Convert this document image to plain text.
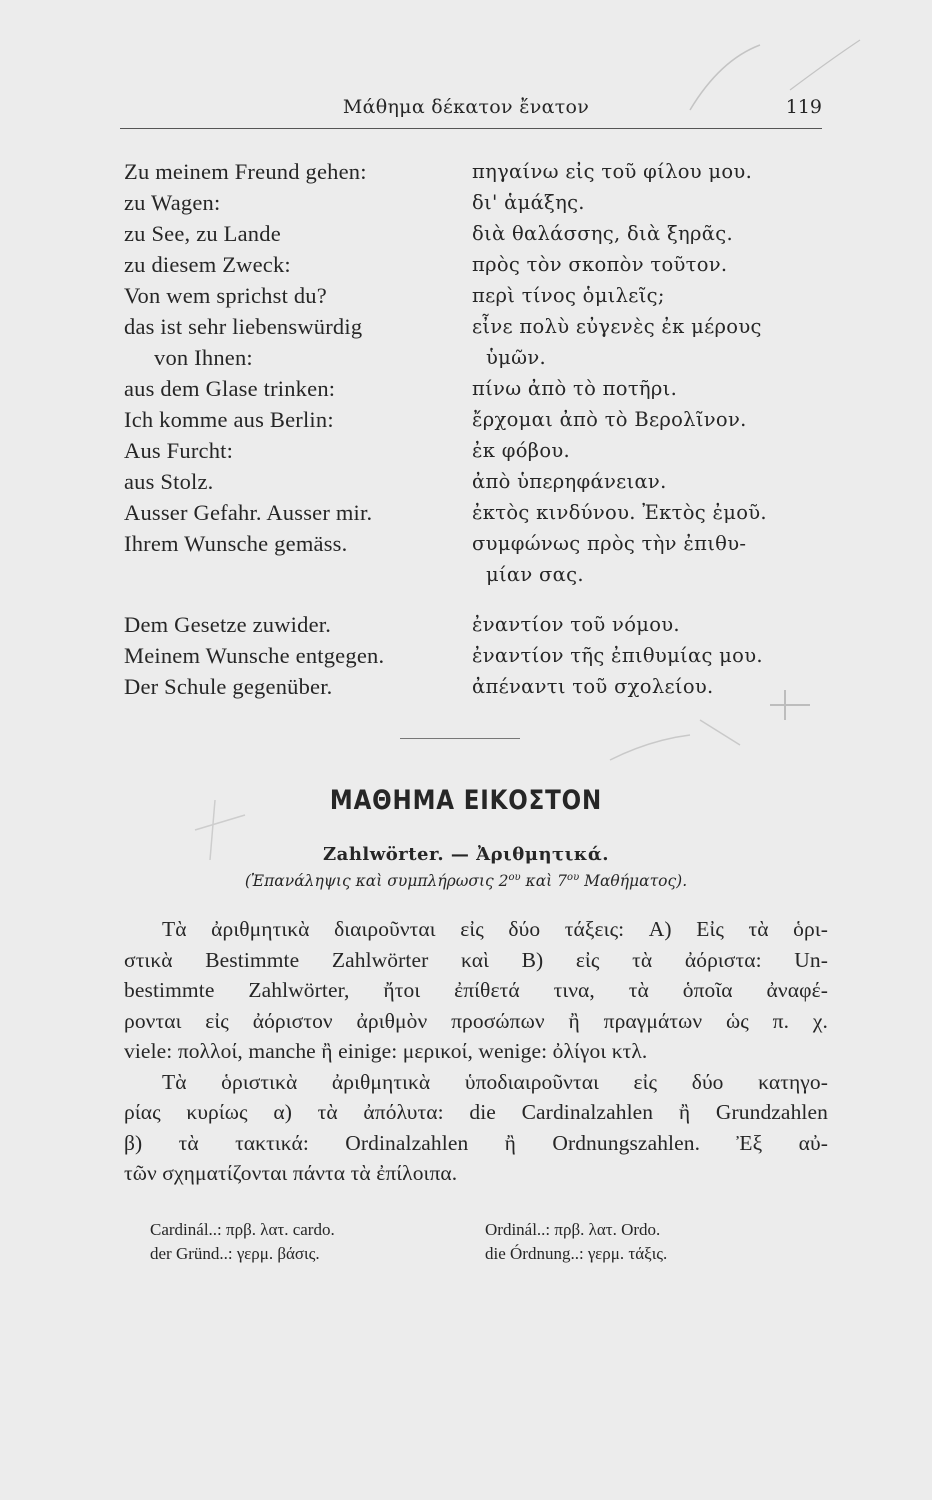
Μάθημα δέκατον ἔνατον	119
Zu meinem Freund gehen:	πηγαίνω εἰς τοῦ φίλου μου.
zu Wagen:	δι' ἁμάξης.
zu See, zu Lande	διὰ θαλάσσης, διὰ ξηρᾶς.
zu diesem Zweck:	πρὸς τὸν σκοπὸν τοῦτον.
Von wem sprichst du?	περὶ τίνος ὁμιλεῖς;
das ist sehr liebenswürdig	εἶνε πολὺ εὐγενὲς ἐκ μέρους
von Ihnen:	ὑμῶν.
aus dem Glase trinken:	πίνω ἀπὸ τὸ ποτῆρι.
Ich komme aus Berlin:	ἔρχομαι ἀπὸ τὸ Βερολῖνον.
Aus Furcht:	ἐκ φόβου.
aus Stolz.	ἀπὸ ὑπερηφάνειαν.
Ausser Gefahr. Ausser mir.	ἐκτὸς κινδύνου. Ἐκτὸς ἐμοῦ.
Ihrem Wunsche gemäss.	συμφώνως πρὸς τὴν ἐπιθυ-
μίαν σας.
Dem Gesetze zuwider.	ἐναντίον τοῦ νόμου.
Meinem Wunsche entgegen.	ἐναντίον τῆς ἐπιθυμίας μου.
Der Schule gegenüber.	ἀπέναντι τοῦ σχολείου.
ΜΑΘΗΜΑ ΕΙΚΟΣΤΟΝ
Zahlwörter. — Ἀριθμητικά.
(Ἐπανάληψις καὶ συμπλήρωσις $2^{o\upsilon}$ καὶ $7^{o\upsilon}$ Μαθήματος).
Τὰ ἀριθμητικὰ διαιροῦνται εἰς δύο τάξεις: A) Εἰς τὰ ὁρι-
στικὰ Bestimmte Zahlwörter καὶ B) εἰς τὰ ἀόριστα: Un-
bestimmte Zahlwörter, ἤτοι ἐπίθετά τινα, τὰ ὁποῖα ἀναφέ-
ρονται εἰς ἀόριστον ἀριθμὸν προσώπων ἢ πραγμάτων ὡς π. χ.
viele: πολλοί, manche ἢ einige: μερικοί, wenige: ὀλίγοι κτλ.
Τὰ ὁριστικὰ ἀριθμητικὰ ὑποδιαιροῦνται εἰς δύο κατηγο-
ρίας κυρίως α) τὰ ἀπόλυτα: die Cardinalzahlen ἢ Grundzahlen
β) τὰ τακτικά: Ordinalzahlen ἢ Ordnungszahlen. Ἐξ αὐ-
τῶν σχηματίζονται πάντα τὰ ἐπίλοιπα.
Cardinál..: πρβ. λατ. cardo.	Ordinál..: πρβ. λατ. Ordo.
der Gründ..: γερμ. βάσις.	die Órdnung..: γερμ. τάξις.
